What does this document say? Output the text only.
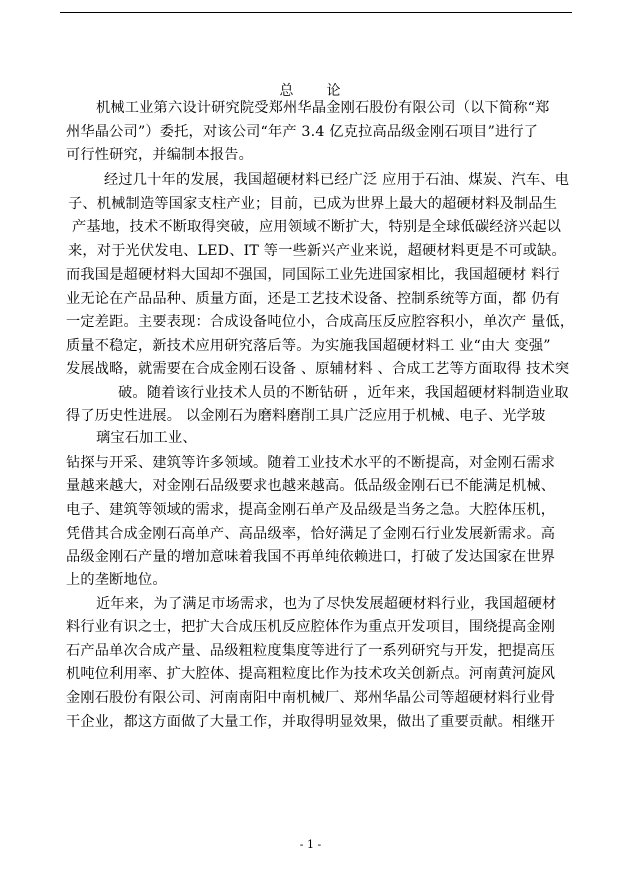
总 论
机械工业第六设计研究院受郑州华晶金刚石股份有限公司（以下简称“郑
州华晶公司”）委托，对该公司“年产 3.4 亿克拉高品级金刚石项目”进行了
可行性研究，并编制本报告。
经过几十年的发展，我国超硬材料已经广泛 应用于石油、煤炭、汽车、电
子、机械制造等国家支柱产业；目前，已成为世界上最大的超硬材料及制品生
产基地，技术不断取得突破，应用领域不断扩大，特别是全球低碳经济兴起以
来，对于光伏发电、LED、IT 等一些新兴产业来说，超硬材料更是不可或缺。
而我国是超硬材料大国却不强国，同国际工业先进国家相比，我国超硬材 料行
业无论在产品品种、质量方面，还是工艺技术设备、控制系统等方面，都 仍有
一定差距。主要表现：合成设备吨位小，合成高压反应腔容积小，单次产 量低，
质量不稳定，新技术应用研究落后等。为实施我国超硬材料工 业“由大 变强”
发展战略，就需要在合成金刚石设备 、原辅材料 、合成工艺等方面取得 技术突
破。随着该行业技术人员的不断钻研 ，近年来，我国超硬材料制造业取
得了历史性进展。 以金刚石为磨料磨削工具广泛应用于机械、电子、光学玻
璃宝石加工业、
钻探与开采、建筑等许多领域。随着工业技术水平的不断提高，对金刚石需求
量越来越大，对金刚石品级要求也越来越高。低品级金刚石已不能满足机械、
电子、建筑等领域的需求，提高金刚石单产及品级是当务之急。大腔体压机，
凭借其合成金刚石高单产、高品级率，恰好满足了金刚石行业发展新需求。高
品级金刚石产量的增加意味着我国不再单纯依赖进口，打破了发达国家在世界
上的垄断地位。
近年来，为了满足市场需求，也为了尽快发展超硬材料行业，我国超硬材
料行业有识之士，把扩大合成压机反应腔体作为重点开发项目，围绕提高金刚
石产品单次合成产量、品级粗粒度集度等进行了一系列研究与开发，把提高压
机吨位利用率、扩大腔体、提高粗粒度比作为技术攻关创新点。河南黄河旋风
金刚石股份有限公司、河南南阳中南机械厂、郑州华晶公司等超硬材料行业骨
干企业，都这方面做了大量工作，并取得明显效果，做出了重要贡献。相继开
- 1 -
